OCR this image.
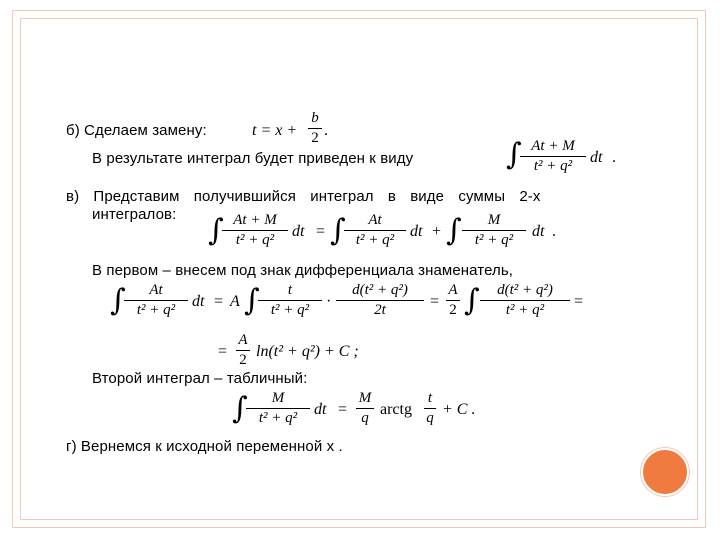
б) Сделаем замену:	t = x +
b
2 .
В результате интеграл будет приведен к виду	∫ At + M
t² + q²	dt .
в) Представим получившийся интеграл в виде суммы 2-х
интегралов: ∫ At + M
t² + q²	dt = ∫	At
t² + q² dt + ∫	M
t² + q²	dt .
В первом – внесем под знак дифференциала знаменатель,
∫	At
t² + q²	dt = A ∫	t
t² + q²	·
d(t² + q²)
2t	=
A
2 ∫	d(t² + q²)
t² + q²	=
=
A
2 ln(t² + q²) + C ;
Второй интеграл – табличный:
∫	M
t² + q²	dt =
M
q arctg
t
q + C .
г) Вернемся к исходной переменной x .
